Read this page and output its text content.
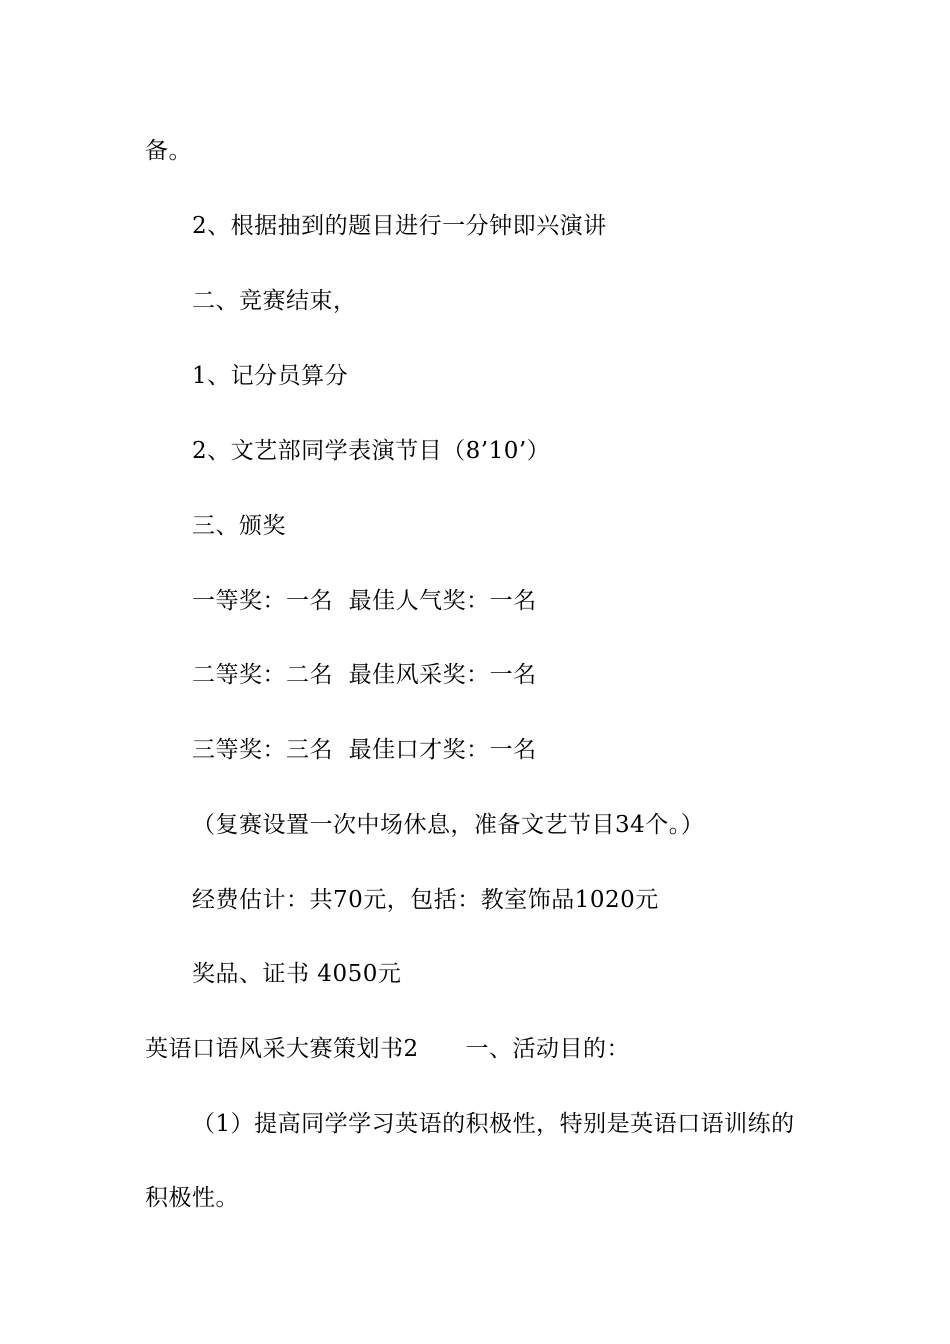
备。
2、根据抽到的题目进行一分钟即兴演讲
二、竞赛结束，
1、记分员算分
2、文艺部同学表演节目（8’10’）
三、颁奖
一等奖：一名  最佳人气奖：一名
二等奖：二名  最佳风采奖：一名
三等奖：三名  最佳口才奖：一名
（复赛设置一次中场休息，准备文艺节目34个。）
经费估计：共70元，包括：教室饰品1020元
奖品、证书 4050元
英语口语风采大赛策划书2      一、活动目的：
（1）提高同学学习英语的积极性，特别是英语口语训练的
积极性。
